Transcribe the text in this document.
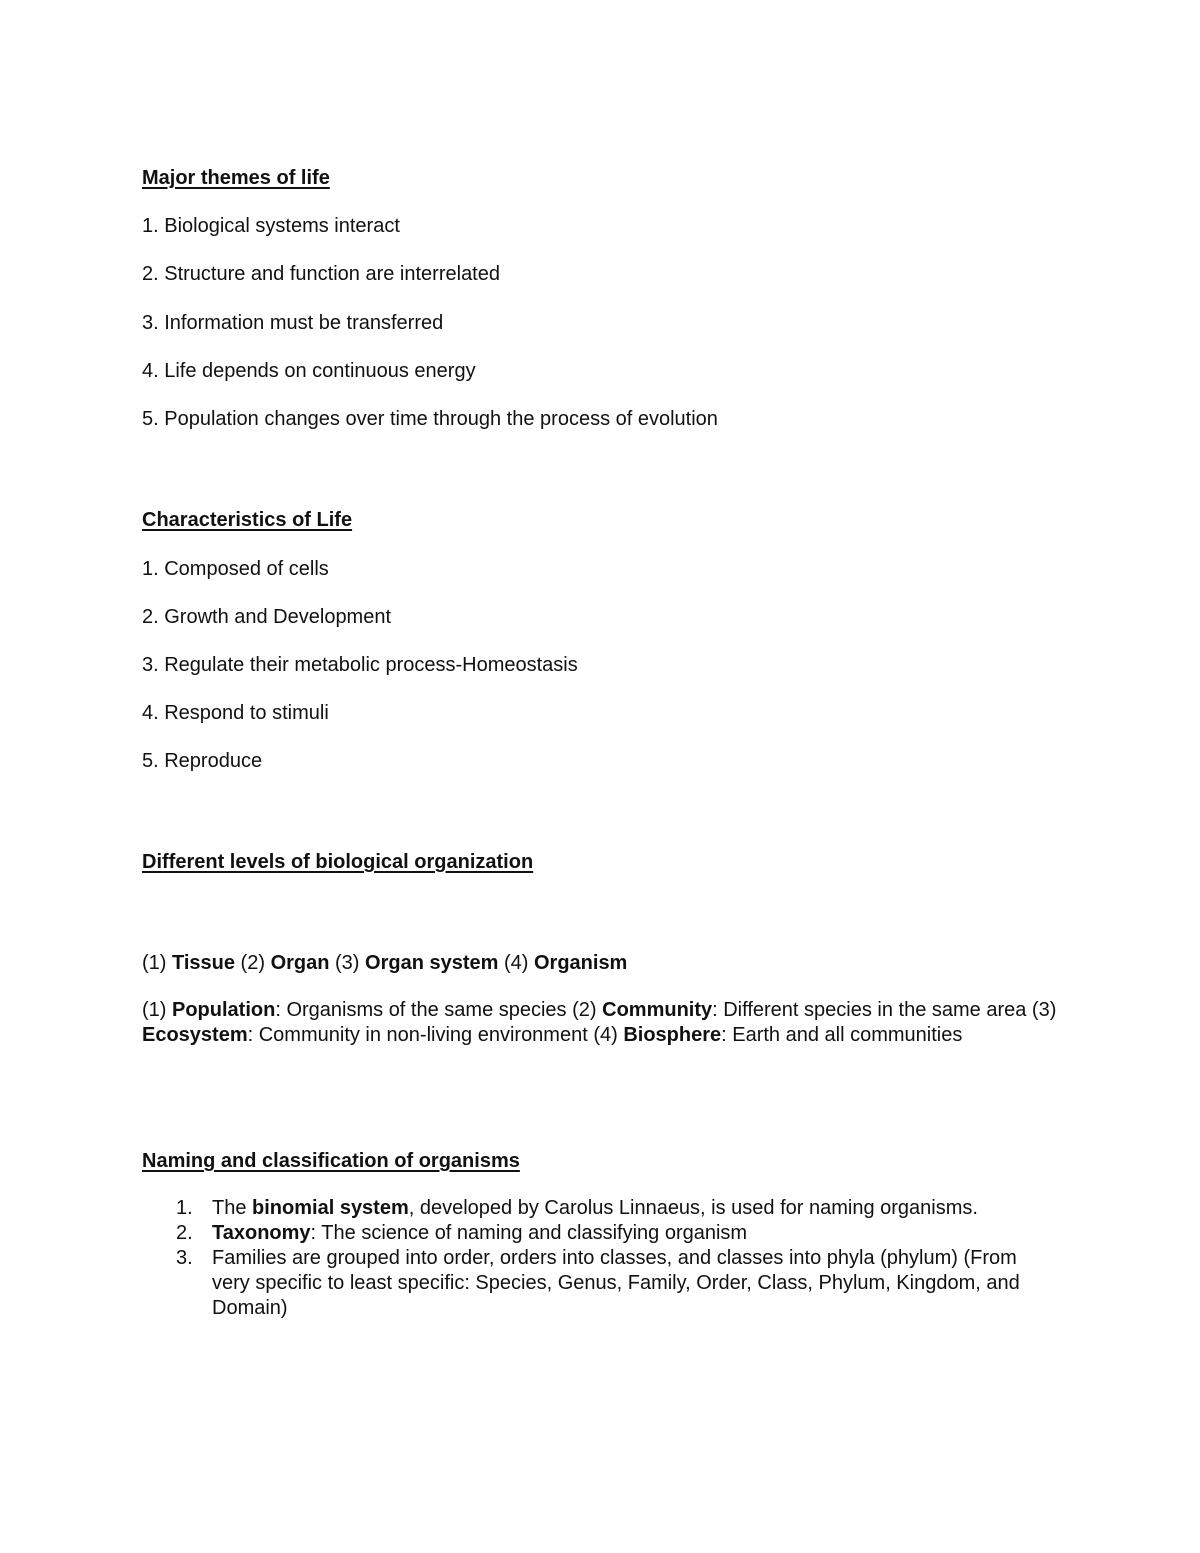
Major themes of life

1. Biological systems interact

2. Structure and function are interrelated

3. Information must be transferred

4. Life depends on continuous energy

5. Population changes over time through the process of evolution

Characteristics of Life

1. Composed of cells

2. Growth and Development

3. Regulate their metabolic process-Homeostasis

4. Respond to stimuli

5. Reproduce

Different levels of biological organization

(1) Tissue (2) Organ (3) Organ system (4) Organism

(1) Population: Organisms of the same species (2) Community: Different species in the same area (3) Ecosystem: Community in non-living environment (4) Biosphere: Earth and all communities

Naming and classification of organisms
1. The binomial system, developed by Carolus Linnaeus, is used for naming organisms.
2. Taxonomy: The science of naming and classifying organism
3. Families are grouped into order, orders into classes, and classes into phyla (phylum) (From very specific to least specific: Species, Genus, Family, Order, Class, Phylum, Kingdom, and Domain)
